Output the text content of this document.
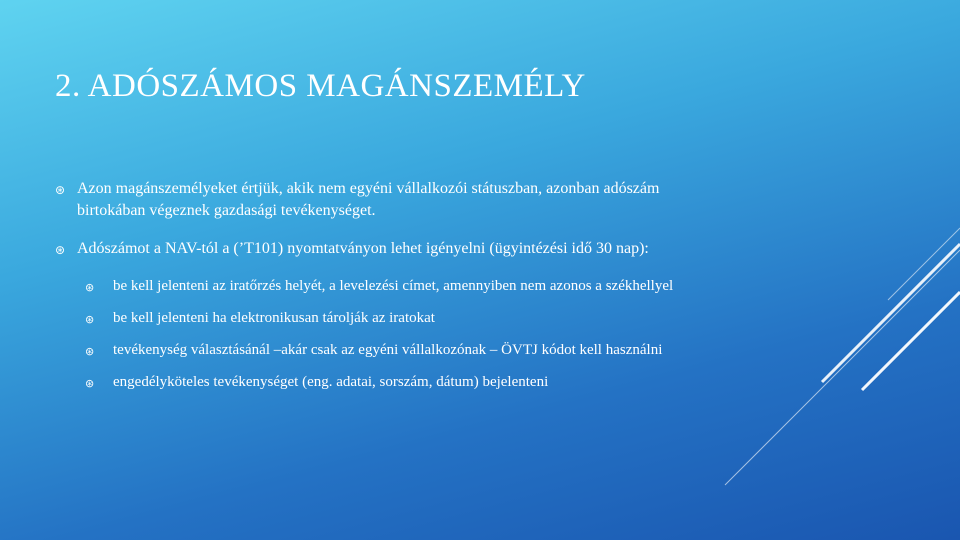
2. ADÓSZÁMOS MAGÁNSZEMÉLY
⊛ Azon magánszemélyeket értjük, akik nem egyéni vállalkozói státuszban, azonban adószám birtokában végeznek gazdasági tevékenységet.
⊛ Adószámot a NAV-tól a (’T101) nyomtatványon lehet igényelni (ügyintézési idő 30 nap):
⊛ be kell jelenteni az iratőrzés helyét, a levelezési címet, amennyiben nem azonos a székhellyel
⊛ be kell jelenteni ha elektronikusan tárolják az iratokat
⊛ tevékenység választásánál –akár csak az egyéni vállalkozónak – ÖVTJ kódot kell használni
⊛ engedélyköteles tevékenységet (eng. adatai, sorszám, dátum) bejelenteni
